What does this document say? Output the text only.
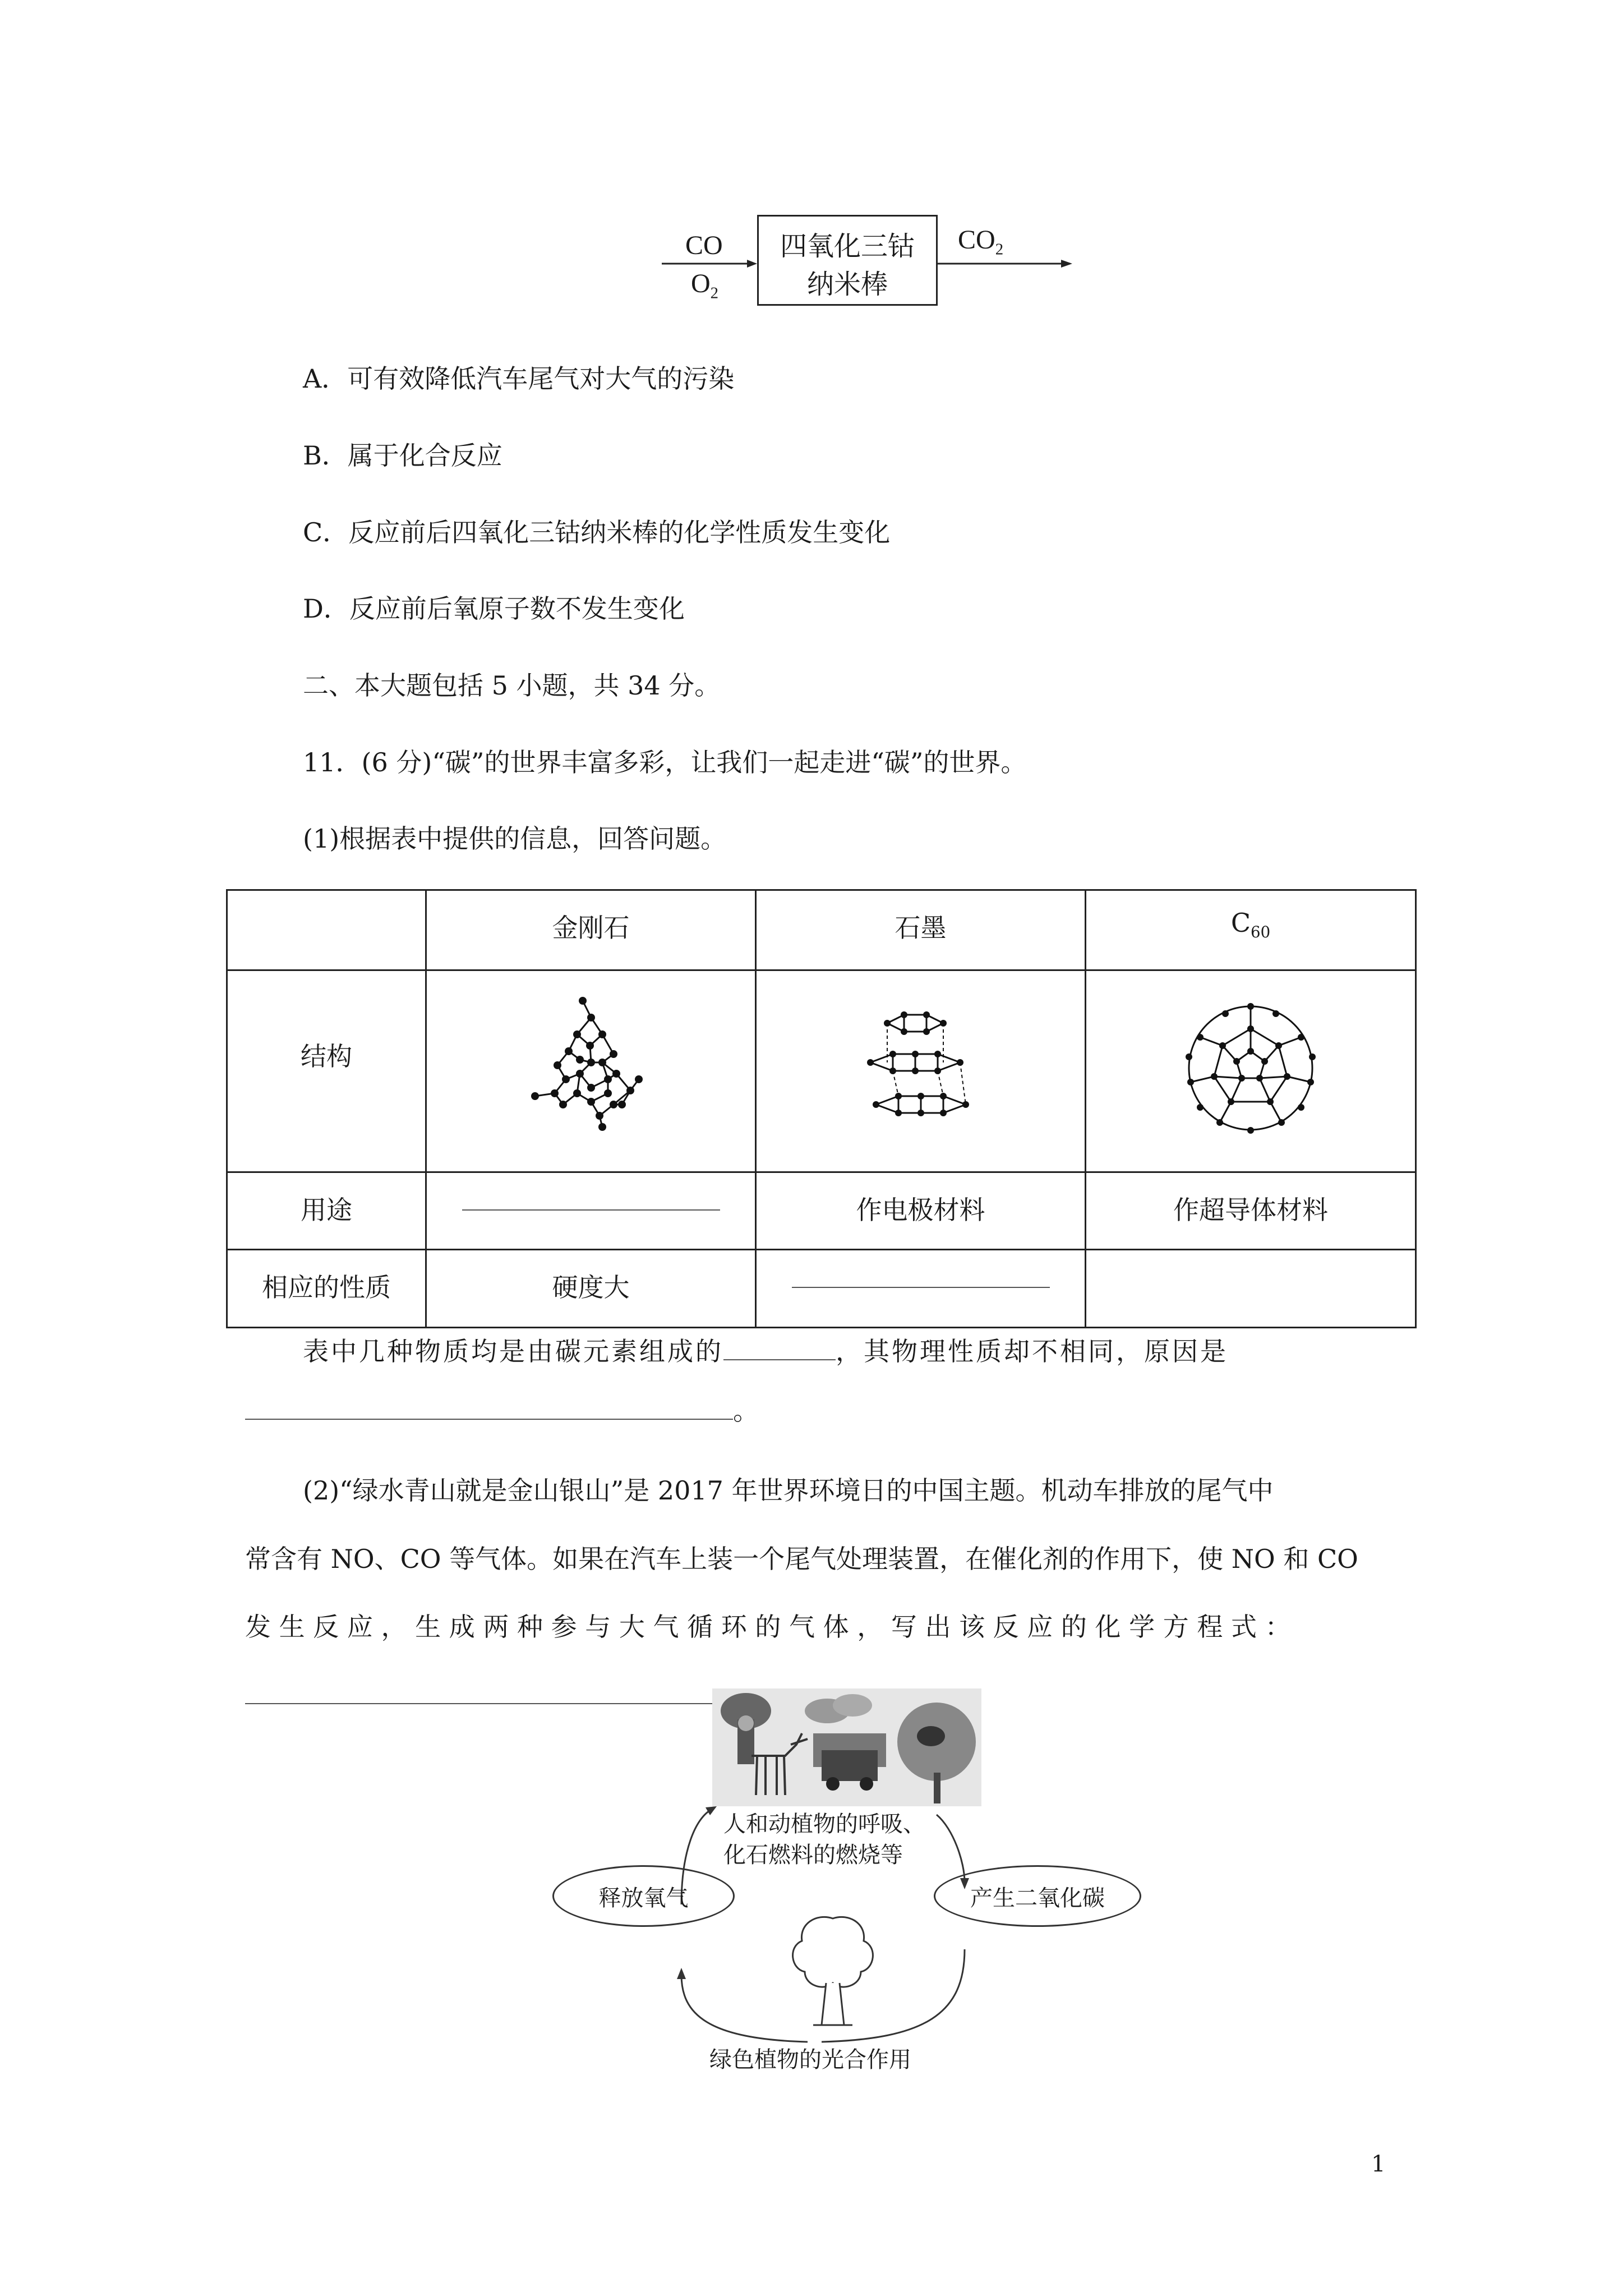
CO
$O_2$
四氧化三钴
纳米棒
$CO_2$
A．可有效降低汽车尾气对大气的污染
B．属于化合反应
C．反应前后四氧化三钴纳米棒的化学性质发生变化
D．反应前后氧原子数不发生变化
二、本大题包括 5 小题，共 34 分。
11．(6 分)“碳”的世界丰富多彩，让我们一起走进“碳”的世界。
(1)根据表中提供的信息，回答问题。
	金刚石	石墨	$C_{60}$
结构			
用途		作电极材料	作超导体材料
相应的性质	硬度大	

表中几种物质均是由碳元素组成的	，其物理性质却不相同，原因是
。
(2)“绿水青山就是金山银山”是 2017 年世界环境日的中国主题。机动车排放的尾气中
常含有 NO、CO 等气体。如果在汽车上装一个尾气处理装置，在催化剂的作用下，使 NO 和 CO
发 生 反 应 ， 生 成 两 种 参 与 大 气 循 环 的 气 体 ， 写 出 该 反 应 的 化 学 方 程 式 ：
人和动植物的呼吸、
化石燃料的燃烧等
释放氧气	产生二氧化碳
绿色植物的光合作用
1
